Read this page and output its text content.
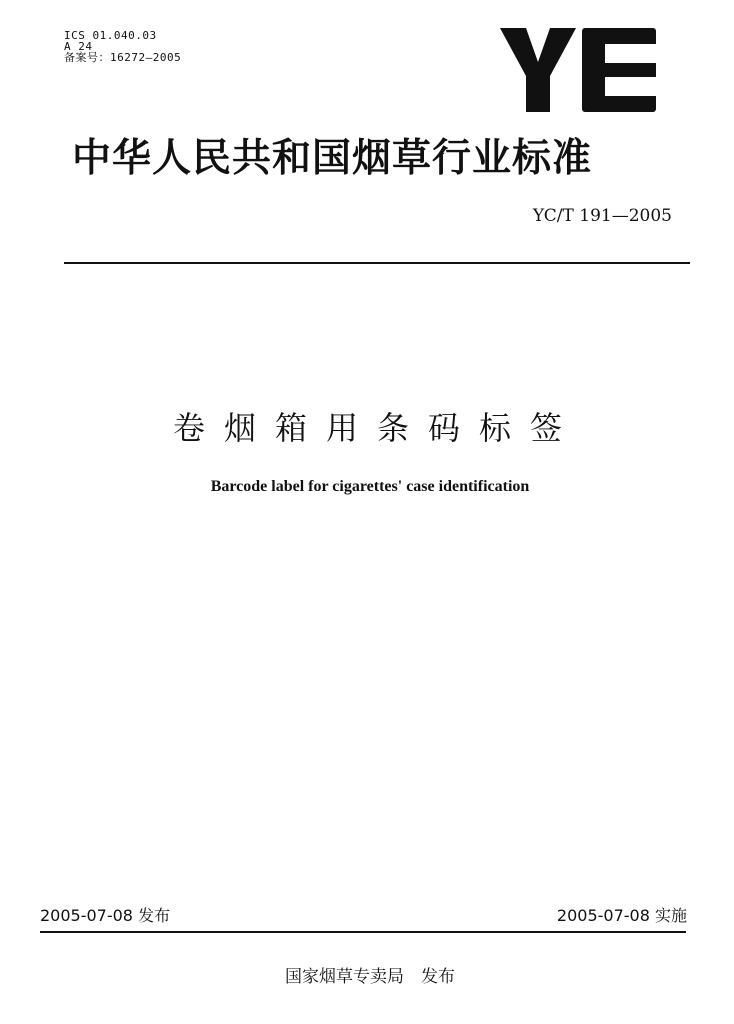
ICS 01.040.03
A 24
备案号：16272—2005
中华人民共和国烟草行业标准
YC/T 191—2005
卷烟箱用条码标签
Barcode label for cigarettes' case identification
2005-07-08 发布	2005-07-08 实施
国家烟草专卖局　发布
